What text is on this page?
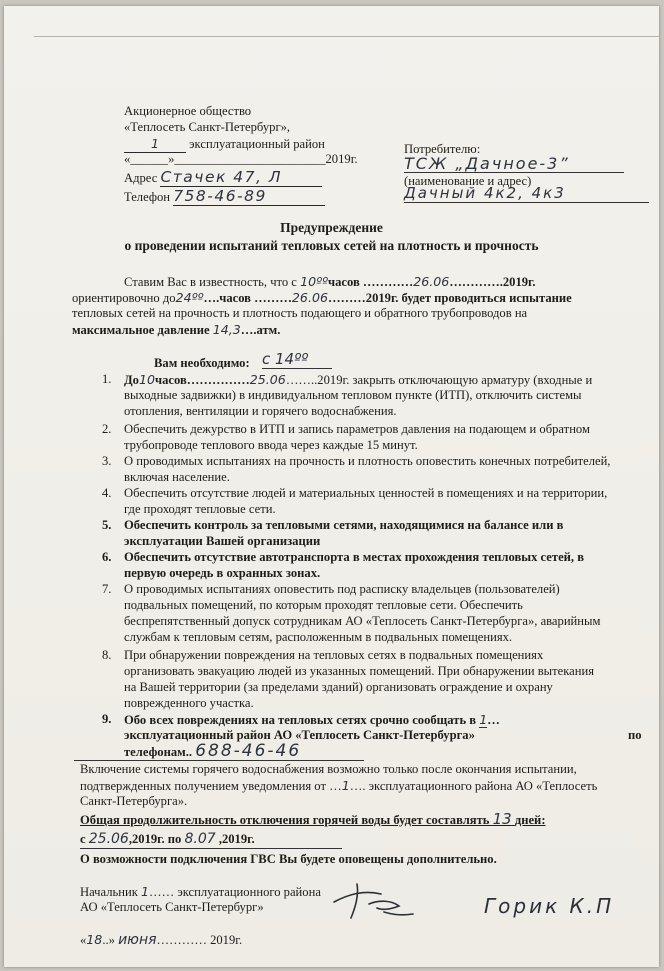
Акционерное общество
«Теплосеть Санкт-Петербург»,
1 эксплуатационный район
«______»________________________2019г.
Адрес Стачек 47, Л
Телефон 758-46-89
Потребителю:
ТСЖ „Дачное-3”
(наименование и адрес)
Дачный 4к2, 4к3
Предупреждение
о проведении испытаний тепловых сетей на плотность и прочность
Ставим Вас в известность, что с 10ººчасов …………26.06………….2019г.
ориентировочно до24ºº….часов ………26.06………2019г. будет проводиться испытание
тепловых сетей на прочность и плотность подающего и обратного трубопроводов на
максимальное давление 14,3….атм.
Вам необходимо: с 14ºº
1. До10часов……………25.06……..2019г. закрыть отключающую арматуру (входные и
выходные задвижки) в индивидуальном тепловом пункте (ИТП), отключить системы
отопления, вентиляции и горячего водоснабжения.
2. Обеспечить дежурство в ИТП и запись параметров давления на подающем и обратном
трубопроводе теплового ввода через каждые 15 минут.
3. О проводимых испытаниях на прочность и плотность оповестить конечных потребителей,
включая население.
4. Обеспечить отсутствие людей и материальных ценностей в помещениях и на территории,
где проходят тепловые сети.
5. Обеспечить контроль за тепловыми сетями, находящимися на балансе или в
эксплуатации Вашей организации
6. Обеспечить отсутствие автотранспорта в местах прохождения тепловых сетей, в
первую очередь в охранных зонах.
7. О проводимых испытаниях оповестить под расписку владельцев (пользователей)
подвальных помещений, по которым проходят тепловые сети. Обеспечить
беспрепятственный допуск сотрудникам АО «Теплосеть Санкт-Петербурга», аварийным
службам к тепловым сетям, расположенным в подвальных помещениях.
8. При обнаружении повреждения на тепловых сетях в подвальных помещениях
организовать эвакуацию людей из указанных помещений. При обнаружении вытекания
на Вашей территории (за пределами зданий) организовать ограждение и охрану
поврежденного участка.
9. Обо всех повреждениях на тепловых сетях срочно сообщать в 1…
эксплуатационный район АО «Теплосеть Санкт-Петербурга»	по
телефонам.. 688-46-46
Включение системы горячего водоснабжения возможно только после окончания испытании,
подтвержденных получением уведомления от …1…. эксплуатационного района АО «Теплосеть
Санкт-Петербурга».
Общая продолжительность отключения горячей воды будет составлять 13 дней:
с 25.06,2019г. по 8.07 ,2019г.
О возможности подключения ГВС Вы будете оповещены дополнительно.
Начальник 1…… эксплуатационного района
АО «Теплосеть Санкт-Петербург»	Горик К.П
«18..» июня………… 2019г.
